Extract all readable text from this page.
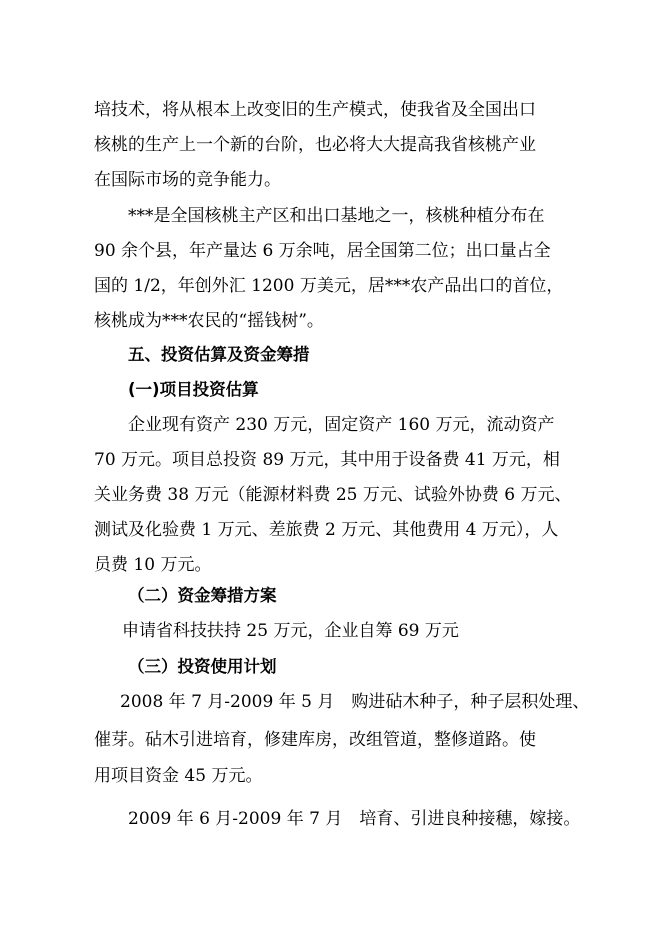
培技术，将从根本上改变旧的生产模式，使我省及全国出口
核桃的生产上一个新的台阶，也必将大大提高我省核桃产业
在国际市场的竞争能力。
***是全国核桃主产区和出口基地之一，核桃种植分布在
90 余个县，年产量达 6 万余吨，居全国第二位；出口量占全
国的 1/2，年创外汇 1200 万美元，居***农产品出口的首位，
核桃成为***农民的“摇钱树”。
五、投资估算及资金筹措
(一)项目投资估算
企业现有资产 230 万元，固定资产 160 万元，流动资产
70 万元。项目总投资 89 万元，其中用于设备费 41 万元，相
关业务费 38 万元（能源材料费 25 万元、试验外协费 6 万元、
测试及化验费 1 万元、差旅费 2 万元、其他费用 4 万元），人
员费 10 万元。
（二）资金筹措方案
申请省科技扶持 25 万元，企业自筹 69 万元
（三）投资使用计划
2008 年 7 月-2009 年 5 月　购进砧木种子，种子层积处理、
催芽。砧木引进培育，修建库房，改组管道，整修道路。使
用项目资金 45 万元。
2009 年 6 月-2009 年 7 月　培育、引进良种接穗，嫁接。
